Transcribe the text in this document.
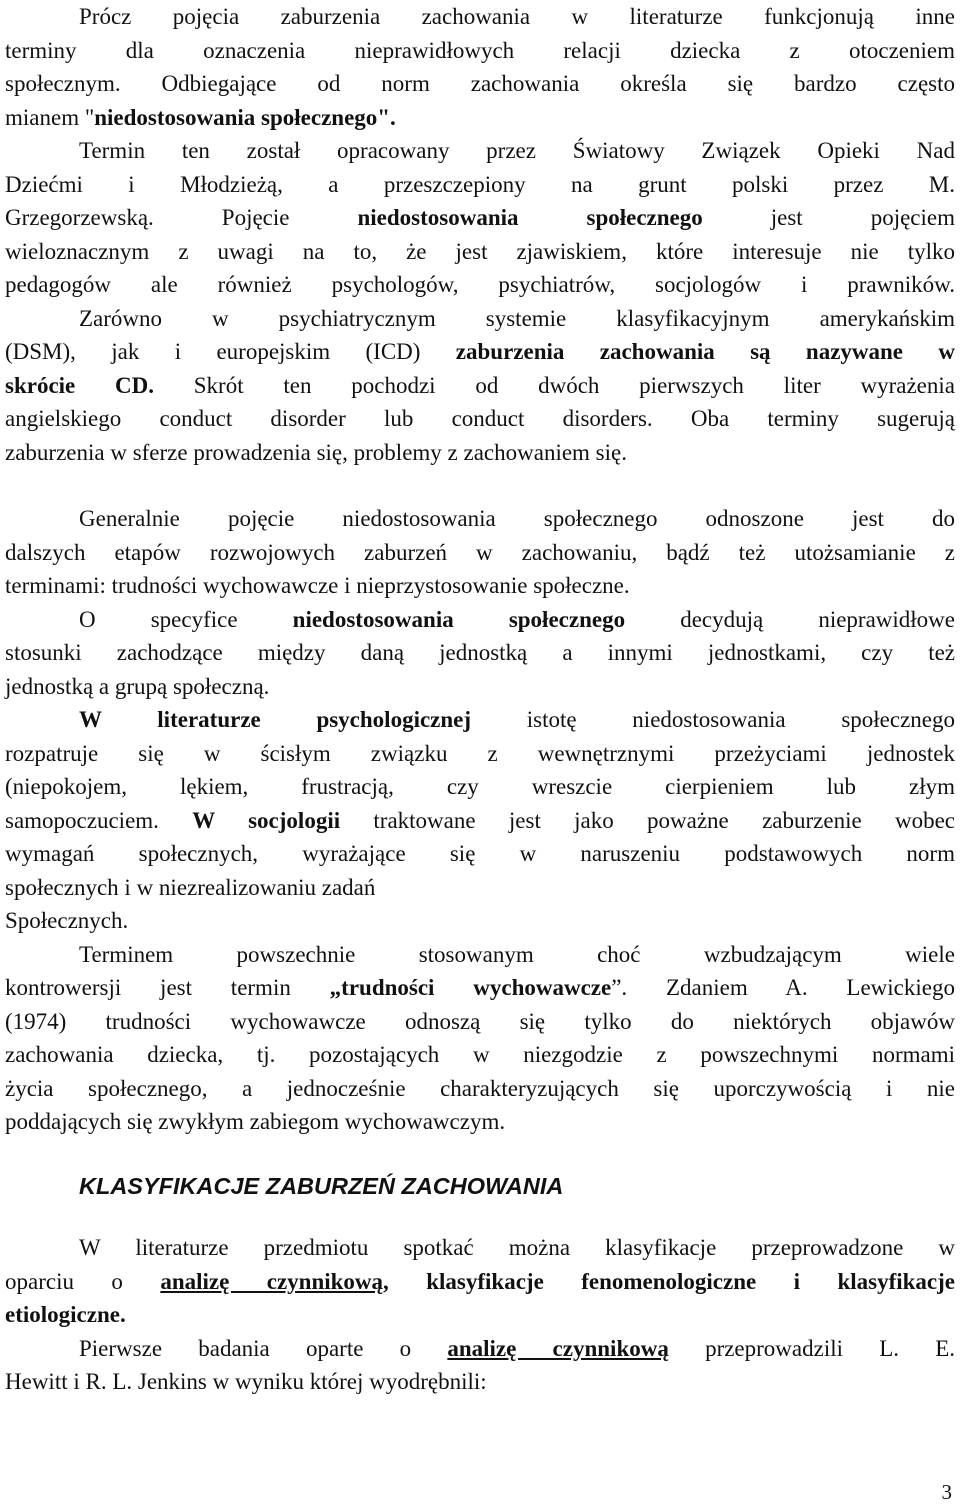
Prócz pojęcia zaburzenia zachowania w literaturze funkcjonują inne
terminy dla oznaczenia nieprawidłowych relacji dziecka z otoczeniem
społecznym. Odbiegające od norm zachowania określa się bardzo często
mianem "niedostosowania społecznego".
Termin ten został opracowany przez Światowy Związek Opieki Nad
Dziećmi i Młodzieżą, a przeszczepiony na grunt polski przez M.
Grzegorzewską. Pojęcie niedostosowania społecznego jest pojęciem
wieloznacznym z uwagi na to, że jest zjawiskiem, które interesuje nie tylko
pedagogów ale również psychologów, psychiatrów, socjologów i prawników.
Zarówno w psychiatrycznym systemie klasyfikacyjnym amerykańskim
(DSM), jak i europejskim (ICD) zaburzenia zachowania są nazywane w
skrócie CD. Skrót ten pochodzi od dwóch pierwszych liter wyrażenia
angielskiego conduct disorder lub conduct disorders. Oba terminy sugerują
zaburzenia w sferze prowadzenia się, problemy z zachowaniem się.
Generalnie pojęcie niedostosowania społecznego odnoszone jest do
dalszych etapów rozwojowych zaburzeń w zachowaniu, bądź też utożsamianie z
terminami: trudności wychowawcze i nieprzystosowanie społeczne.
O specyfice niedostosowania społecznego decydują nieprawidłowe
stosunki zachodzące między daną jednostką a innymi jednostkami, czy też
jednostką a grupą społeczną.
W literaturze psychologicznej istotę niedostosowania społecznego
rozpatruje się w ścisłym związku z wewnętrznymi przeżyciami jednostek
(niepokojem, lękiem, frustracją, czy wreszcie cierpieniem lub złym
samopoczuciem. W socjologii traktowane jest jako poważne zaburzenie wobec
wymagań społecznych, wyrażające się w naruszeniu podstawowych norm
społecznych i w niezrealizowaniu zadań
Społecznych.
Terminem powszechnie stosowanym choć wzbudzającym wiele
kontrowersji jest termin „trudności wychowawcze”. Zdaniem A. Lewickiego
(1974) trudności wychowawcze odnoszą się tylko do niektórych objawów
zachowania dziecka, tj. pozostających w niezgodzie z powszechnymi normami
życia społecznego, a jednocześnie charakteryzujących się uporczywością i nie
poddających się zwykłym zabiegom wychowawczym.
KLASYFIKACJE ZABURZEŃ ZACHOWANIA
W literaturze przedmiotu spotkać można klasyfikacje przeprowadzone w
oparciu o analizę czynnikową, klasyfikacje fenomenologiczne i klasyfikacje
etiologiczne.
Pierwsze badania oparte o analizę czynnikową przeprowadzili L. E.
Hewitt i R. L. Jenkins w wyniku której wyodrębnili:
3
